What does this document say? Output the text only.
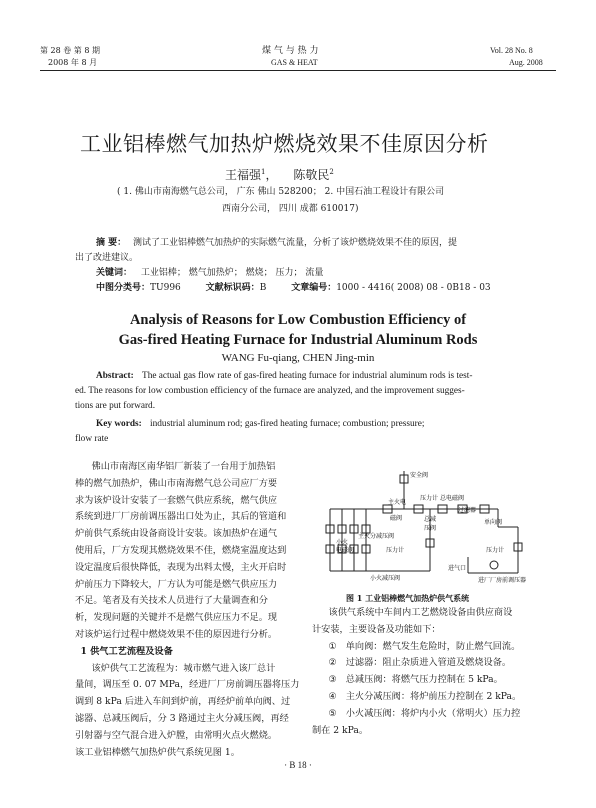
第 28 卷 第 8 期
2008 年 8 月
煤 气 与 热 力
GAS & HEAT
Vol. 28 No. 8
Aug. 2008
工业铝棒燃气加热炉燃烧效果不佳原因分析
王福强$^1$， 陈敬民$^2$
( 1. 佛山市南海燃气总公司， 广东 佛山 528200； 2. 中国石油工程设计有限公司
西南分公司， 四川 成都 610017)
摘 要： 测试了工业铝棒燃气加热炉的实际燃气流量，分析了该炉燃烧效果不佳的原因，提
出了改进建议。
关键词： 工业铝棒； 燃气加热炉； 燃烧； 压力； 流量
中图分类号：TU996	文献标识码：B	文章编号：1000 - 4416( 2008) 08 - 0B18 - 03
Analysis of Reasons for Low Combustion Efficiency of
Gas-fired Heating Furnace for Industrial Aluminum Rods
WANG Fu-qiang, CHEN Jing-min
Abstract: The actual gas flow rate of gas-fired heating furnace for industrial aluminum rods is test-
ed. The reasons for low combustion efficiency of the furnace are analyzed, and the improvement sugges-
tions are put forward.
Key words: industrial aluminum rod; gas-fired heating furnace; combustion; pressure;
flow rate

佛山市南海区南华铝厂新装了一台用于加热铝

棒的燃气加热炉，佛山市南海燃气总公司应厂方要

求为该炉设计安装了一套燃气供应系统，燃气供应

系统到进厂厂房前调压器出口处为止，其后的管道和

炉前供气系统由设备商设计安装。该加热炉在通气

使用后，厂方发现其燃烧效果不佳，燃烧室温度达到

设定温度后很快降低，表现为出料太慢，主火开启时

炉前压力下降较大，厂方认为可能是燃气供应压力

不足。笔者及有关技术人员进行了大量调查和分

析，发现问题的关键并不是燃气供应压力不足。现

对该炉运行过程中燃烧效果不佳的原因进行分析。

1 供气工艺流程及设备

该炉供气工艺流程为：城市燃气进入该厂总计

量间，调压至 0. 07 MPa，经进厂厂房前调压器将压力

调到 8 kPa 后进入车间到炉前，再经炉前单向阀、过

滤器、总减压阀后，分 3 路通过主火分减压阀，再经

引射器与空气混合进入炉膛，由常明火点火燃烧。

该工业铝棒燃气加热炉供气系统见图 1。

安全阀
主火电
磁阀
压力计 总电磁阀
过滤器
总减
压阀
单向阀
主火分减压阀
小火
电磁阀	压力计	压力计
小火减压阀
进气口
进厂厂房前调压器
图 1 工业铝棒燃气加热炉供气系统

该供气系统中车间内工艺燃烧设备由供应商设

计安装，主要设备及功能如下：

① 单向阀：燃气发生危险时，防止燃气回流。

② 过滤器：阻止杂质进入管道及燃烧设备。

③ 总减压阀：将燃气压力控制在 5 kPa。

④ 主火分减压阀：将炉前压力控制在 2 kPa。

⑤ 小火减压阀：将炉内小火（常明火）压力控

制在 2 kPa。

· B 18 ·
